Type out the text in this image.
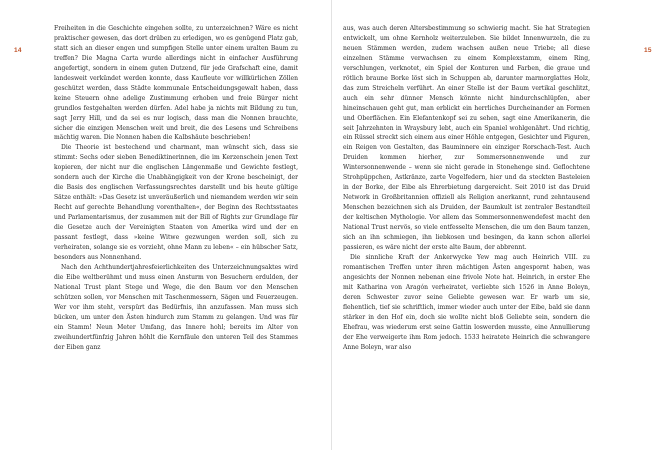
14

Freiheiten in die Geschichte eingehen sollte, zu unterzeichnen? Wäre es nicht praktischer gewesen, das dort drüben zu erledigen, wo es genügend Platz gab, statt sich an dieser engen und sumpfigen Stelle unter einem uralten Baum zu treffen? Die Magna Carta wurde allerdings nicht in einfacher Ausführung angefertigt, sondern in einem guten Dutzend, für jede Grafschaft eine, damit landesweit verkündet werden konnte, dass Kaufleute vor willkürlichen Zöllen geschützt werden, dass Städte kommunale Entscheidungsgewalt haben, dass keine Steuern ohne adelige Zustimmung erhoben und freie Bürger nicht grundlos festgehalten werden dürfen. Adel habe ja nichts mit Bildung zu tun, sagt Jerry Hill, und da sei es nur logisch, dass man die Nonnen brauchte, sicher die einzigen Menschen weit und breit, die des Lesens und Schreibens mächtig waren. Die Nonnen haben die Kalbshäute beschrieben!

Die Theorie ist bestechend und charmant, man wünscht sich, dass sie stimmt: Sechs oder sieben Benediktinerinnen, die im Kerzenschein jenen Text kopieren, der nicht nur die englischen Längenmaße und Gewichte festlegt, sondern auch der Kirche die Unabhängigkeit von der Krone bescheinigt, der die Basis des englischen Verfassungsrechtes darstellt und bis heute gültige Sätze enthält: »Das Gesetz ist unveräußerlich und niemandem werden wir sein Recht auf gerechte Behandlung vorenthalten«, der Beginn des Rechtsstaates und Parlamentarismus, der zusammen mit der Bill of Rights zur Grundlage für die Gesetze auch der Vereinigten Staaten von Amerika wird und der en passant festlegt, dass »keine Witwe gezwungen werden soll, sich zu verheiraten, solange sie es vorzieht, ohne Mann zu leben« – ein hübscher Satz, besonders aus Nonnenhand.

Nach den Achthundertjahresfeierlichkeiten des Unterzeichnungsaktes wird die Eibe weltberühmt und muss einen Ansturm von Besuchern erdulden, der National Trust plant Stege und Wege, die den Baum vor den Menschen schützen sollen, vor Menschen mit Taschenmessern, Sägen und Feuerzeugen. Wer vor ihm steht, verspürt das Bedürfnis, ihn anzufassen. Man muss sich bücken, um unter den Ästen hindurch zum Stamm zu gelangen. Und was für ein Stamm! Neun Meter Umfang, das Innere hohl; bereits im Alter von zweihundertfünfzig Jahren höhlt die Kernfäule den unteren Teil des Stammes der Eiben ganz

15

aus, was auch deren Altersbestimmung so schwierig macht. Sie hat Strategien entwickelt, um ohne Kernholz weiterzuleben. Sie bildet Innenwurzeln, die zu neuen Stämmen werden, zudem wachsen außen neue Triebe; all diese einzelnen Stämme verwachsen zu einem Komplexstamm, einem Ring, verschlungen, verknotet, ein Spiel der Konturen und Farben, die graue und rötlich braune Borke löst sich in Schuppen ab, darunter marmorglattes Holz, das zum Streicheln verführt. An einer Stelle ist der Baum vertikal geschlitzt, auch ein sehr dünner Mensch könnte nicht hindurchschlüpfen, aber hineinschauen geht gut, man erblickt ein herrliches Durcheinander an Formen und Oberflächen. Ein Elefantenkopf sei zu sehen, sagt eine Amerikanerin, die seit Jahrzehnten in Wraysbury lebt, auch ein Spaniel wohlgenährt. Und richtig, ein Rüssel streckt sich einem aus einer Höhle entgegen, Gesichter und Figuren, ein Reigen von Gestalten, das Bauminnere ein einziger Rorschach-Test. Auch Druiden kommen hierher, zur Sommersonnenwende und zur Wintersonnenwende – wenn sie nicht gerade in Stonehenge sind. Geflochtene Strohpüppchen, Astkränze, zarte Vogelfedern, hier und da steckten Basteleien in der Borke, der Eibe als Ehrerbietung dargereicht. Seit 2010 ist das Druid Network in Großbritannien offiziell als Religion anerkannt, rund zehntausend Menschen bezeichnen sich als Druiden, der Baumkult ist zentraler Bestandteil der keltischen Mythologie. Vor allem das Sommersonnenwendefest macht den National Trust nervös, so viele entfesselte Menschen, die um den Baum tanzen, sich an ihn schmiegen, ihn liebkosen und besingen, da kann schon allerlei passieren, es wäre nicht der erste alte Baum, der abbrennt.

Die sinnliche Kraft der Ankerwycke Yew mag auch Heinrich VIII. zu romantischen Treffen unter ihren mächtigen Ästen angespornt haben, was angesichts der Nonnen nebenan eine frivole Note hat. Heinrich, in erster Ehe mit Katharina von Aragón verheiratet, verliebte sich 1526 in Anne Boleyn, deren Schwester zuvor seine Geliebte gewesen war. Er warb um sie, flehentlich, tief sie schriftlich, immer wieder auch unter der Eibe, bald sie dann stärker in den Hof ein, doch sie wollte nicht bloß Geliebte sein, sondern die Ehefrau, was wiederum erst seine Gattin loswerden musste, eine Annullierung der Ehe verweigerte ihm Rom jedoch. 1533 heiratete Heinrich die schwangere Anne Boleyn, war also
